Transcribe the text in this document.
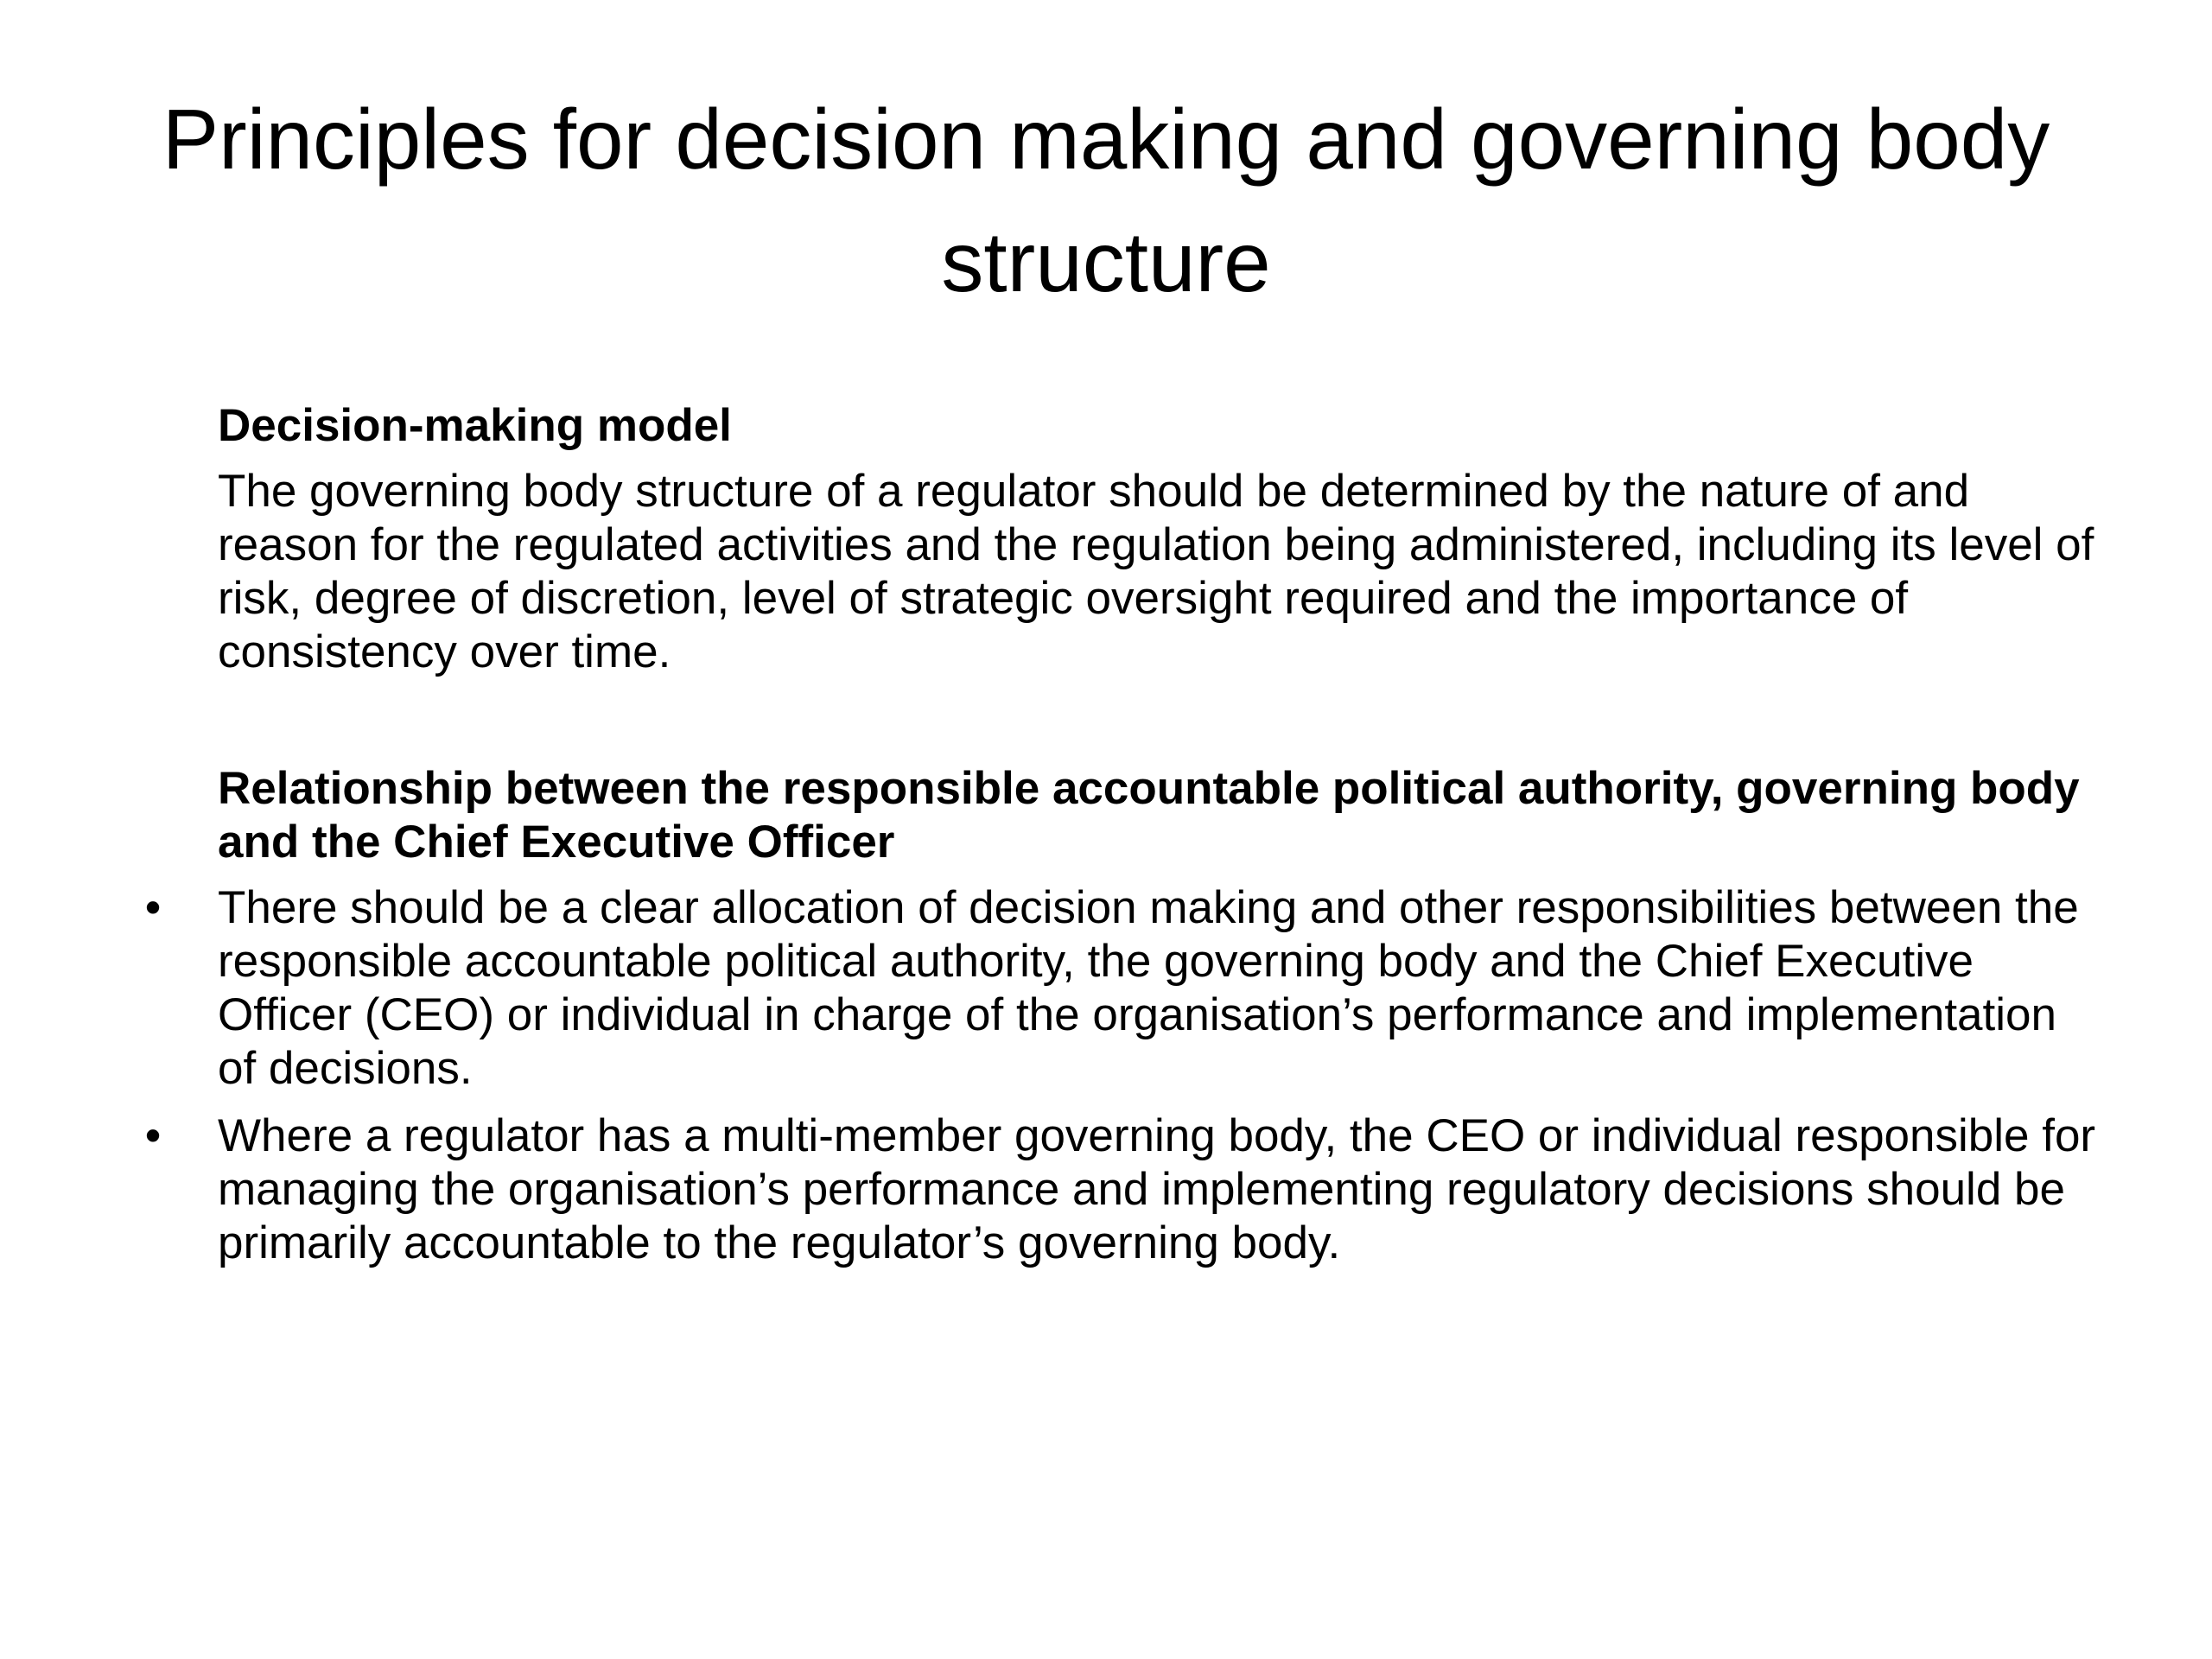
Principles for decision making and governing body structure

Decision-making model

The governing body structure of a regulator should be determined by the nature of and reason for the regulated activities and the regulation being administered, including its level of risk, degree of discretion, level of strategic oversight required and the importance of consistency over time.

Relationship between the responsible accountable political authority, governing body and the Chief Executive Officer

• There should be a clear allocation of decision making and other responsibilities between the responsible accountable political authority, the governing body and the Chief Executive Officer (CEO) or individual in charge of the organisation’s performance and implementation of decisions.
• Where a regulator has a multi-member governing body, the CEO or individual responsible for managing the organisation’s performance and implementing regulatory decisions should be primarily accountable to the regulator’s governing body.
